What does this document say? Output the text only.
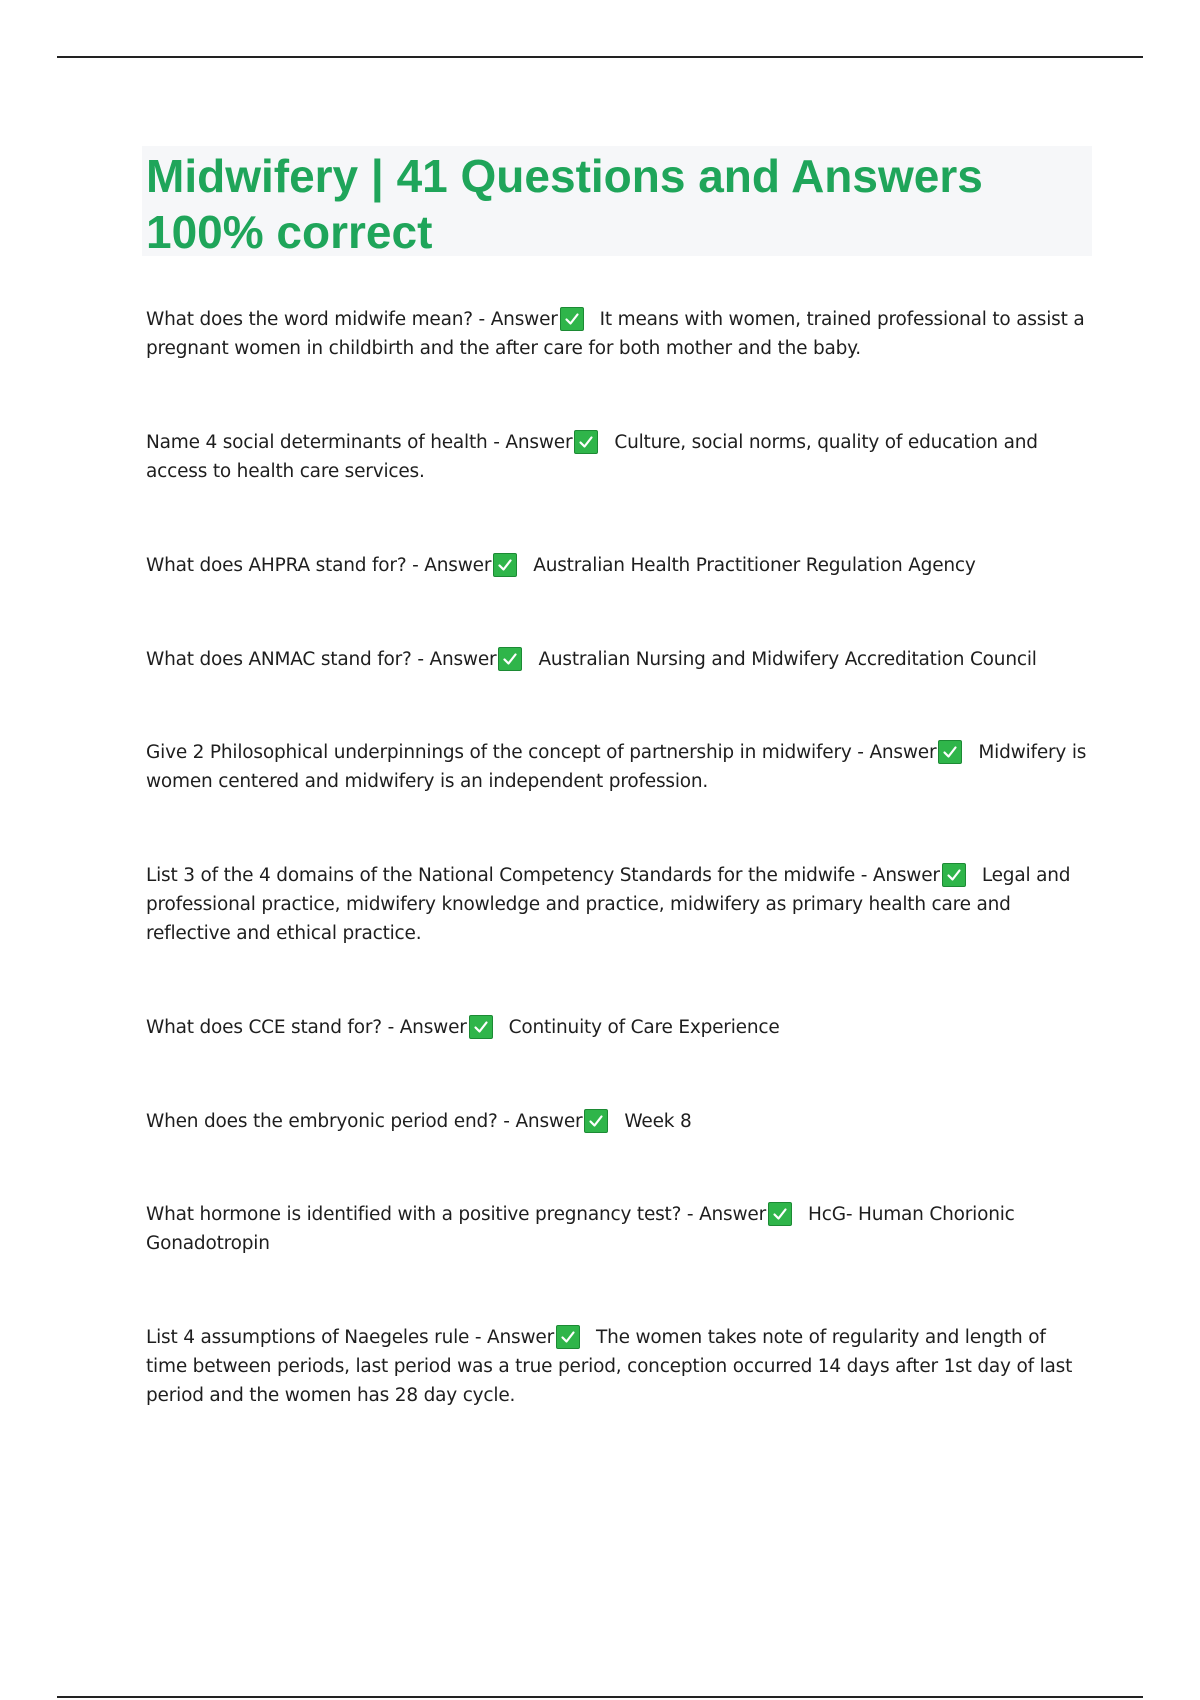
Midwifery | 41 Questions and Answers
100% correct
What does the word midwife mean? - Answer It means with women, trained professional to assist a pregnant women in childbirth and the after care for both mother and the baby.
Name 4 social determinants of health - Answer Culture, social norms, quality of education and access to health care services.
What does AHPRA stand for? - Answer Australian Health Practitioner Regulation Agency
What does ANMAC stand for? - Answer Australian Nursing and Midwifery Accreditation Council
Give 2 Philosophical underpinnings of the concept of partnership in midwifery - Answer Midwifery is women centered and midwifery is an independent profession.
List 3 of the 4 domains of the National Competency Standards for the midwife - Answer Legal and professional practice, midwifery knowledge and practice, midwifery as primary health care and reflective and ethical practice.
What does CCE stand for? - Answer Continuity of Care Experience
When does the embryonic period end? - Answer Week 8
What hormone is identified with a positive pregnancy test? - Answer HcG- Human Chorionic Gonadotropin
List 4 assumptions of Naegeles rule - Answer The women takes note of regularity and length of time between periods, last period was a true period, conception occurred 14 days after 1st day of last period and the women has 28 day cycle.
